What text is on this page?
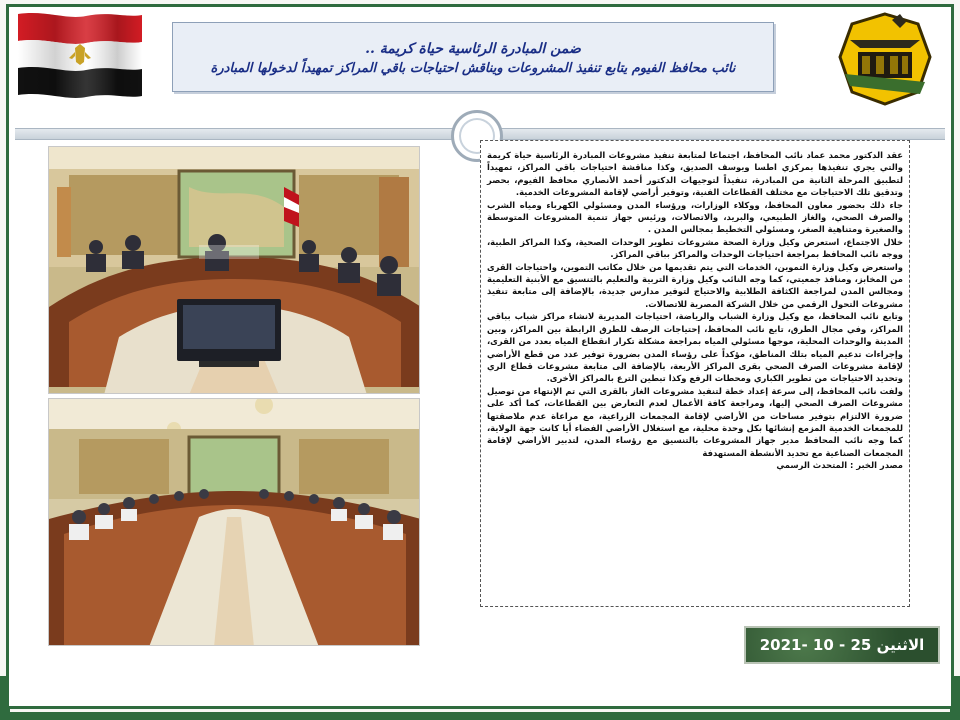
ضمن المبادرة الرئاسية حياة كريمة ..
نائب محافظ الفيوم يتابع تنفيذ المشروعات ويناقش احتياجات باقي المراكز تمهيداً لدخولها المبادرة

عقد الدكتور محمد عماد نائب المحافظ، اجتماعا لمتابعة تنفيذ مشروعات المبادرة الرئاسية حياة كريمة والتي يجري تنفيذها بمركزي اطسا ويوسف الصديق، وكذا مناقشة احتياجات باقي المراكز، تمهيداً لتطبيق المرحلة الثانية من المبادرة، تنفيذاً لتوجيهات الدكتور أحمد الأنصاري محافظ الفيوم، بحصر وتدقيق تلك الاحتياجات مع مختلف القطاعات الفنية، وتوفير أراضي لإقامة المشروعات الخدمية.

جاء ذلك بحضور معاون المحافظ، ووكلاء الوزارات، ورؤساء المدن ومسئولي الكهرباء ومياه الشرب والصرف الصحي، والغاز الطبيعي، والبريد، والاتصالات، ورئيس جهاز تنمية المشروعات المتوسطة والصغيرة ومتناهية الصغر، ومسئولي التخطيط بمجالس المدن .

خلال الاجتماع، استعرض وكيل وزارة الصحة مشروعات تطوير الوحدات الصحية، وكذا المراكز الطبية، ووجه نائب المحافظ بمراجعة احتياجات الوحدات والمراكز بباقي المراكز.

واستعرض وكيل وزارة التموين، الخدمات التي يتم تقديمها من خلال مكاتب التموين، واحتياجات القرى من المخابز، ومنافذ جمعيتي، كما وجه النائب وكيل وزارة التربية والتعليم بالتنسيق مع الأبنية التعليمية ومجالس المدن لمراجعة الكثافة الطلابية والاحتياج لتوفير مدارس جديدة، بالإضافة إلى متابعة تنفيذ مشروعات التحول الرقمي من خلال الشركة المصرية للاتصالات.

وتابع نائب المحافظ، مع وكيل وزارة الشباب والرياضة، احتياجات المديرية لانشاء مراكز شباب بباقي المراكز، وفي مجال الطرق، تابع نائب المحافظ، إحتياجات الرصف للطرق الرابطة بين المراكز، وبين المدينة والوحدات المحلية، موجها مسئولي المياه بمراجعة مشكلة تكرار انقطاع المياه بعدد من القرى، وإجراءات تدعيم المياه بتلك المناطق، مؤكداً على رؤساء المدن بضرورة توفير عدد من قطع الأراضي لإقامة مشروعات الصرف الصحي بقرى المراكز الأربعة، بالإضافة الى متابعة مشروعات قطاع الري وتحديد الاحتياجات من تطوير الكباري ومحطات الرفع وكذا تبطين الترع بالمراكز الأخرى.

ولفت نائب المحافظ، إلى سرعة إعداد خطة لتنفيذ مشروعات الغاز بالقرى التي تم الإنتهاء من توصيل مشروعات الصرف الصحي إليها، ومراجعة كافة الأعمال لعدم التعارض بين القطاعات، كما أكد على ضرورة الالتزام بتوفير مساحات من الأراضي لإقامة المجمعات الزراعية، مع مراعاة عدم ملاصقتها للمجمعات الخدمية المزمع إنشائها بكل وحدة محلية، مع استغلال الأراضي الفضاء أيا كانت جهة الولاية، كما وجه نائب المحافظ مدير جهاز المشروعات بالتنسيق مع رؤساء المدن، لتدبير الأراضي لإقامة المجمعات الصناعية مع تحديد الأنشطة المستهدفة

مصدر الخبر : المتحدث الرسمي

الاثنين 25 - 10 -2021
